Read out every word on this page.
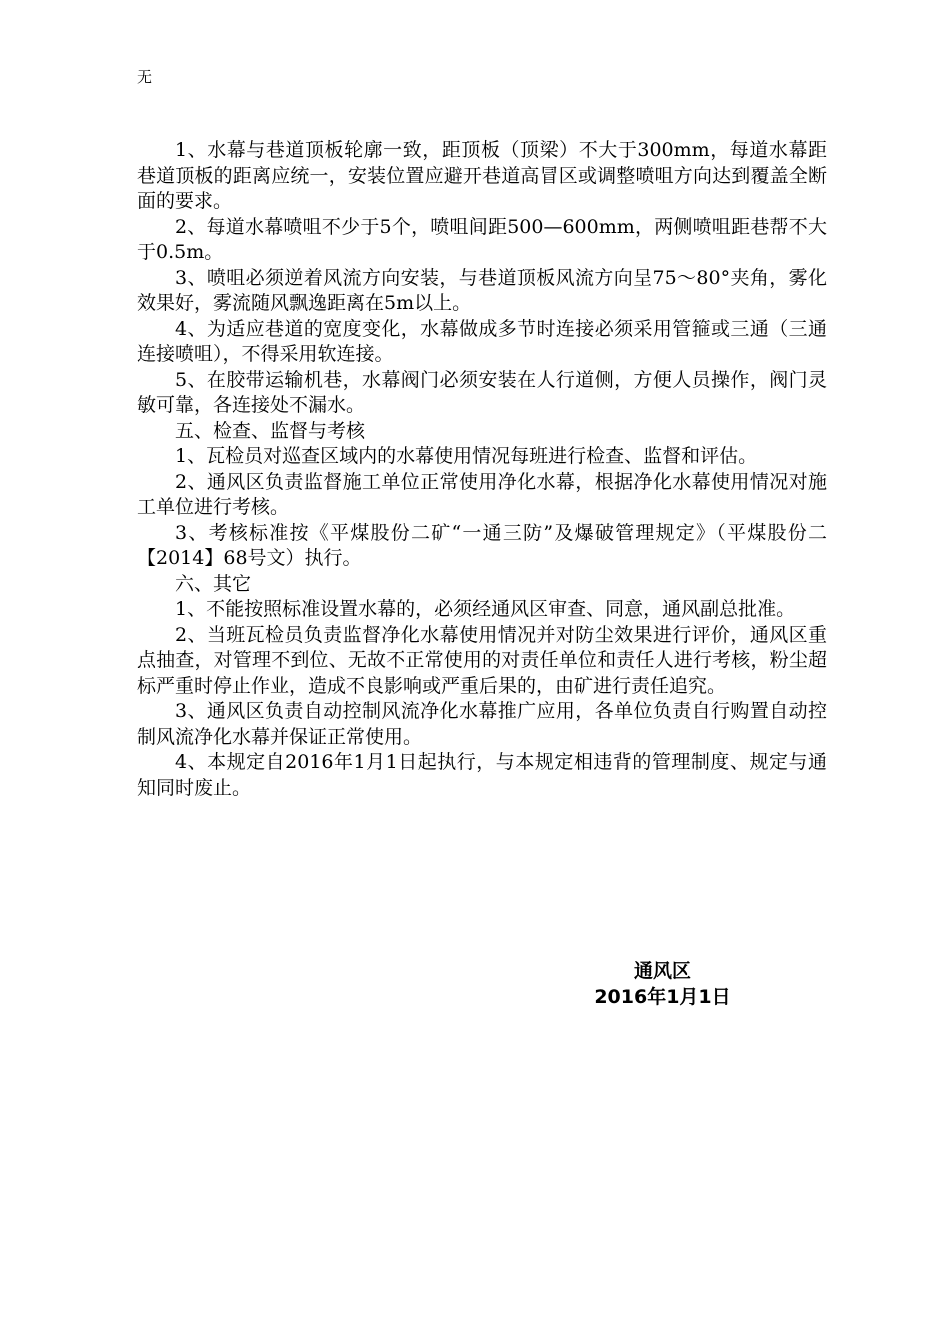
无

1、水幕与巷道顶板轮廓一致，距顶板（顶梁）不大于300mm，每道水幕距巷道顶板的距离应统一，安装位置应避开巷道高冒区或调整喷咀方向达到覆盖全断面的要求。

2、每道水幕喷咀不少于5个，喷咀间距500—600mm，两侧喷咀距巷帮不大于0.5m。

3、喷咀必须逆着风流方向安装，与巷道顶板风流方向呈75～80°夹角，雾化效果好，雾流随风飘逸距离在5m以上。

4、为适应巷道的宽度变化，水幕做成多节时连接必须采用管箍或三通（三通连接喷咀），不得采用软连接。

5、在胶带运输机巷，水幕阀门必须安装在人行道侧，方便人员操作，阀门灵敏可靠，各连接处不漏水。

五、检查、监督与考核

1、瓦检员对巡查区域内的水幕使用情况每班进行检查、监督和评估。

2、通风区负责监督施工单位正常使用净化水幕，根据净化水幕使用情况对施工单位进行考核。

3、考核标准按《平煤股份二矿“一通三防”及爆破管理规定》（平煤股份二【2014】68号文）执行。

六、其它

1、不能按照标准设置水幕的，必须经通风区审查、同意，通风副总批准。

2、当班瓦检员负责监督净化水幕使用情况并对防尘效果进行评价，通风区重点抽查，对管理不到位、无故不正常使用的对责任单位和责任人进行考核，粉尘超标严重时停止作业，造成不良影响或严重后果的，由矿进行责任追究。

3、通风区负责自动控制风流净化水幕推广应用，各单位负责自行购置自动控制风流净化水幕并保证正常使用。

4、本规定自2016年1月1日起执行，与本规定相违背的管理制度、规定与通知同时废止。

通风区
2016年1月1日
